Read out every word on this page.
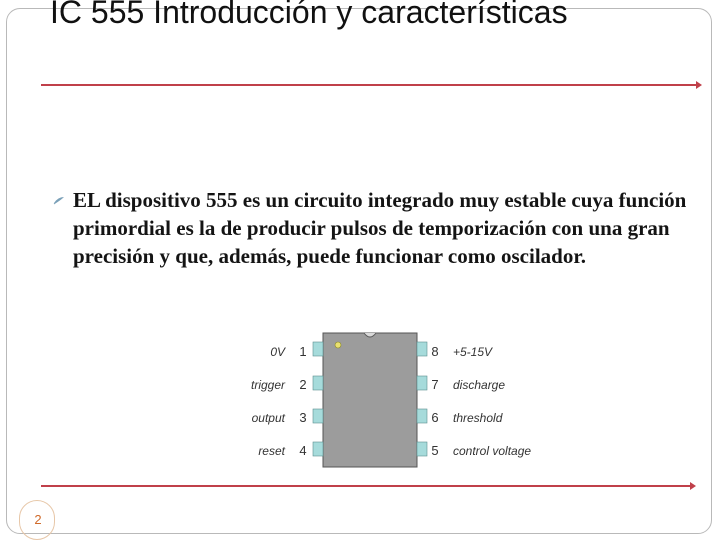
IC 555 Introducción y características
EL dispositivo 555 es un circuito integrado muy estable cuya función primordial es la de producir pulsos de temporización con una gran precisión y que, además, puede funcionar como oscilador.
0V 1
trigger 2
output 3
reset 4
8 +5-15V
7 discharge
6 threshold
5 control voltage
2
